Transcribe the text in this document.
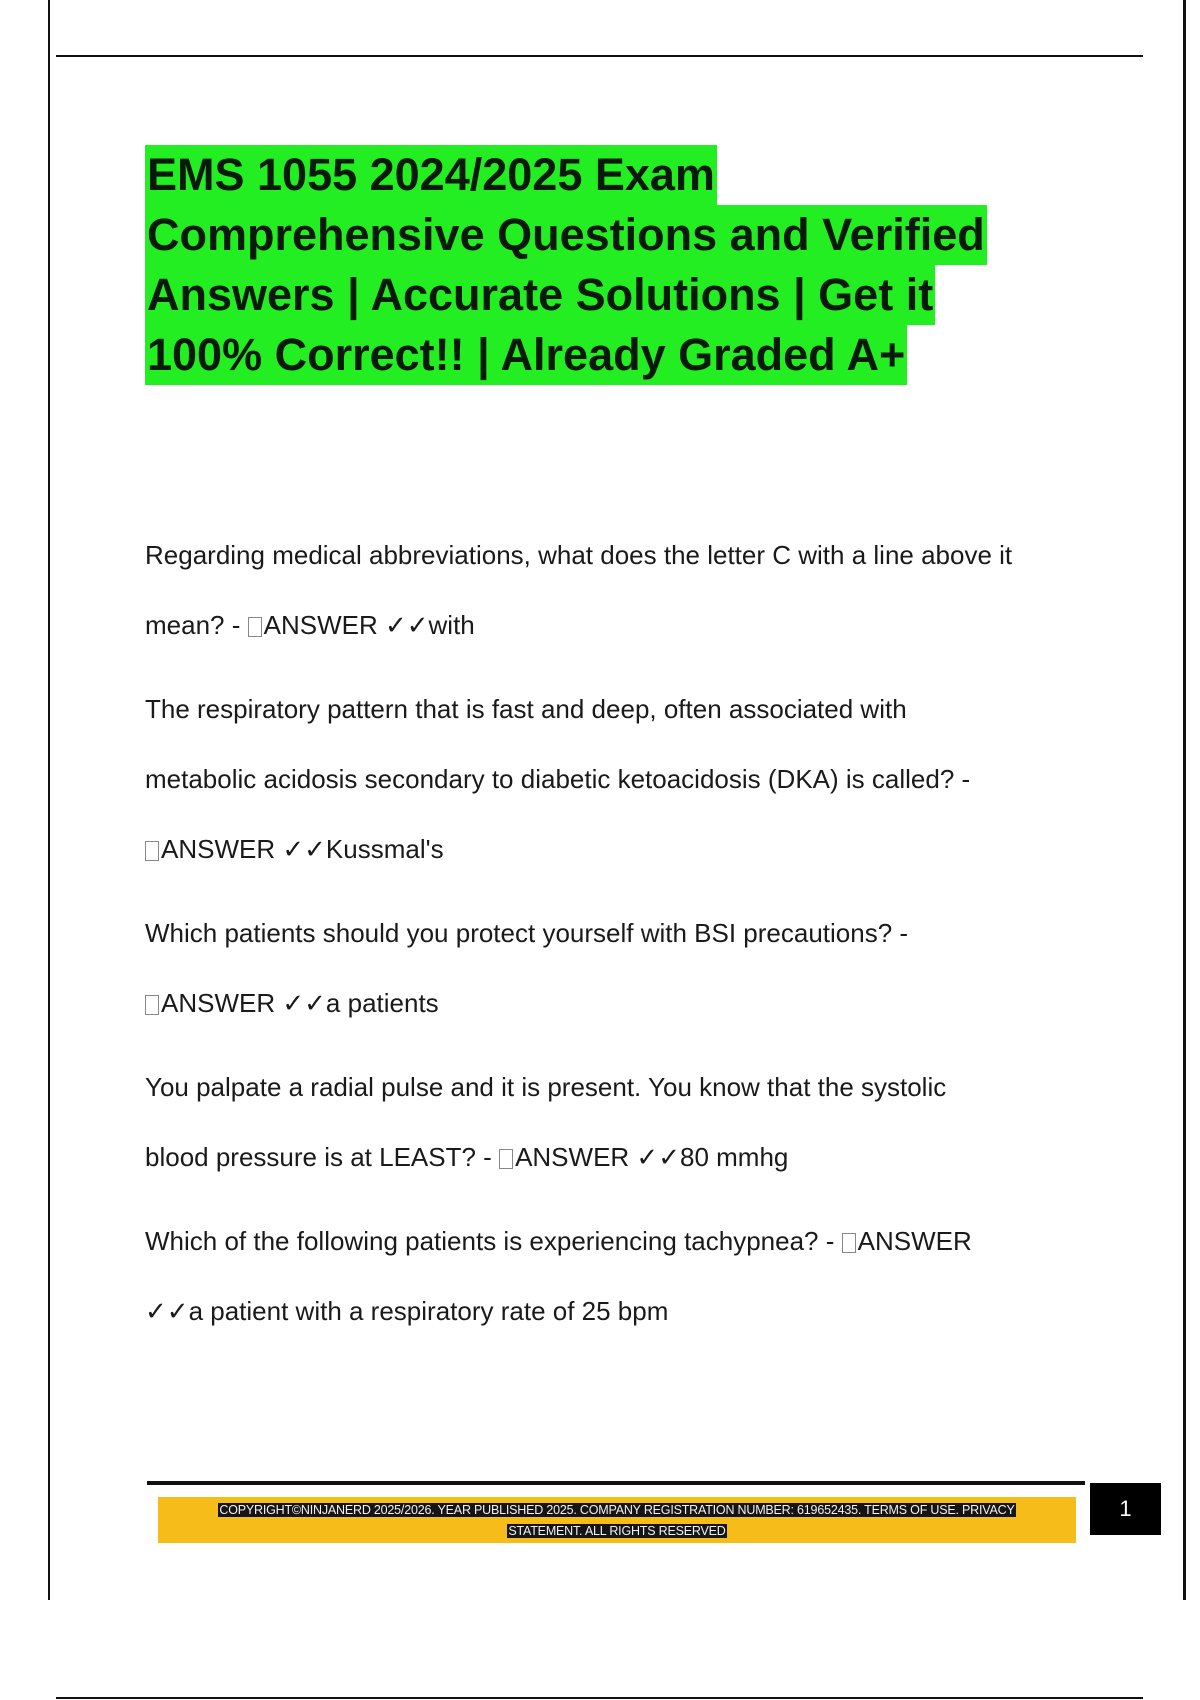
EMS 1055 2024/2025 Exam
Comprehensive Questions and Verified
Answers | Accurate Solutions | Get it
100% Correct!! | Already Graded A+
Regarding medical abbreviations, what does the letter C with a line above it
mean? - ANSWER ✓✓with
The respiratory pattern that is fast and deep, often associated with
metabolic acidosis secondary to diabetic ketoacidosis (DKA) is called? -
ANSWER ✓✓Kussmal's
Which patients should you protect yourself with BSI precautions? -
ANSWER ✓✓a patients
You palpate a radial pulse and it is present. You know that the systolic
blood pressure is at LEAST? - ANSWER ✓✓80 mmhg
Which of the following patients is experiencing tachypnea? - ANSWER
✓✓a patient with a respiratory rate of 25 bpm
COPYRIGHT©NINJANERD 2025/2026. YEAR PUBLISHED 2025. COMPANY REGISTRATION NUMBER: 619652435. TERMS OF USE. PRIVACY
STATEMENT. ALL RIGHTS RESERVED
1
